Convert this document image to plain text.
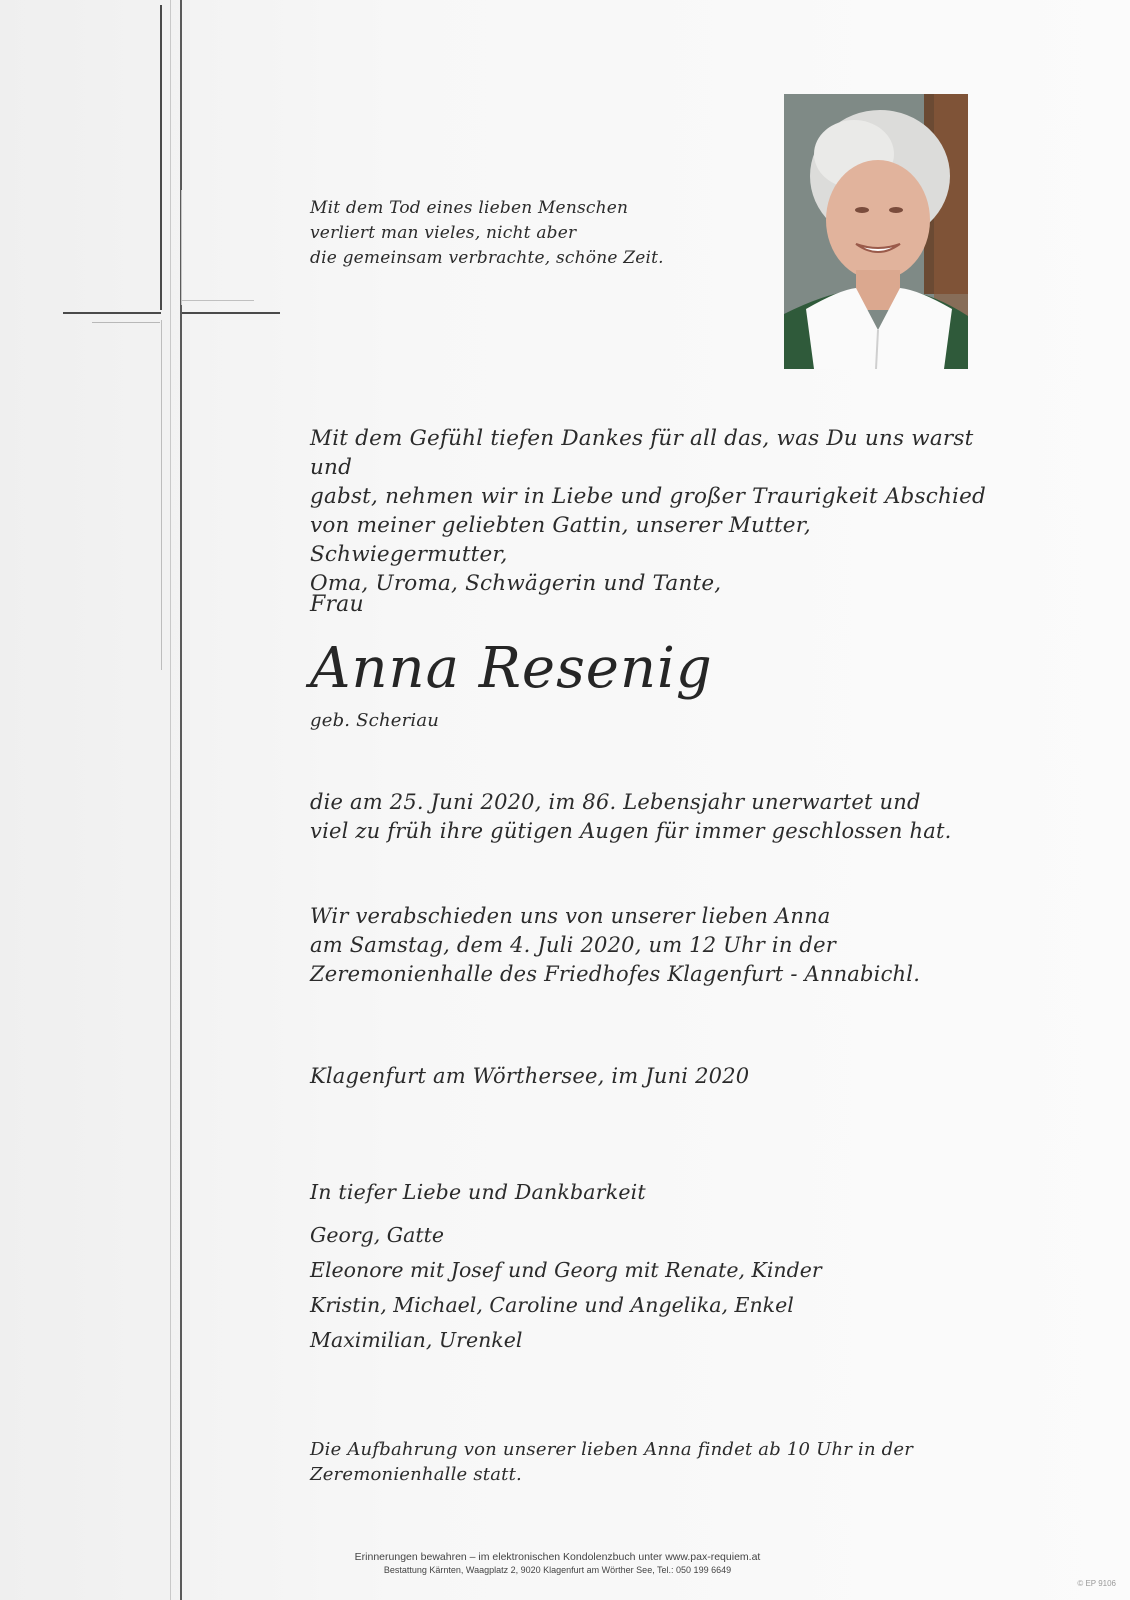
Mit dem Tod eines lieben Menschen
verliert man vieles, nicht aber
die gemeinsam verbrachte, schöne Zeit.

Mit dem Gefühl tiefen Dankes für all das, was Du uns warst und
gabst, nehmen wir in Liebe und großer Traurigkeit Abschied
von meiner geliebten Gattin, unserer Mutter, Schwiegermutter,
Oma, Uroma, Schwägerin und Tante,

Frau

Anna Resenig

geb. Scheriau

die am 25. Juni 2020, im 86. Lebensjahr unerwartet und
viel zu früh ihre gütigen Augen für immer geschlossen hat.

Wir verabschieden uns von unserer lieben Anna
am Samstag, dem 4. Juli 2020, um 12 Uhr in der
Zeremonienhalle des Friedhofes Klagenfurt - Annabichl.

Klagenfurt am Wörthersee, im Juni 2020

In tiefer Liebe und Dankbarkeit

Georg, Gatte
Eleonore mit Josef und Georg mit Renate, Kinder
Kristin, Michael, Caroline und Angelika, Enkel
Maximilian, Urenkel

Die Aufbahrung von unserer lieben Anna findet ab 10 Uhr in der
Zeremonienhalle statt.

Erinnerungen bewahren – im elektronischen Kondolenzbuch unter www.pax-requiem.at
Bestattung Kärnten, Waagplatz 2, 9020 Klagenfurt am Wörther See, Tel.: 050 199 6649
© EP 9106
